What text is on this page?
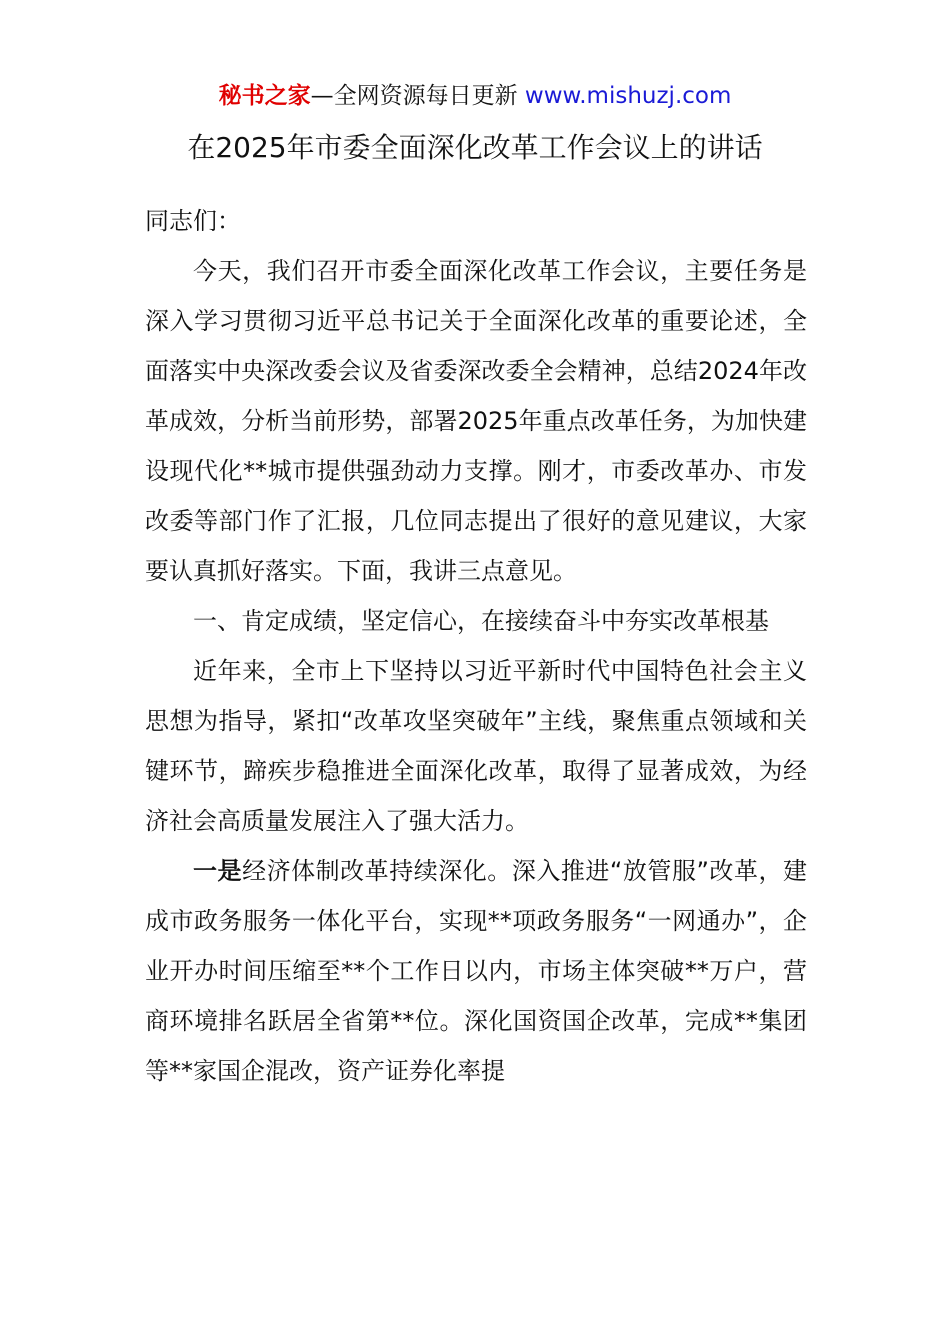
秘书之家—全网资源每日更新 www.mishuzj.com
在2025年市委全面深化改革工作会议上的讲话

同志们：

今天，我们召开市委全面深化改革工作会议，主要任务是深入学习贯彻习近平总书记关于全面深化改革的重要论述，全面落实中央深改委会议及省委深改委全会精神，总结2024年改革成效，分析当前形势，部署2025年重点改革任务，为加快建设现代化**城市提供强劲动力支撑。刚才，市委改革办、市发改委等部门作了汇报，几位同志提出了很好的意见建议，大家要认真抓好落实。下面，我讲三点意见。

一、肯定成绩，坚定信心，在接续奋斗中夯实改革根基

近年来，全市上下坚持以习近平新时代中国特色社会主义思想为指导，紧扣“改革攻坚突破年”主线，聚焦重点领域和关键环节，蹄疾步稳推进全面深化改革，取得了显著成效，为经济社会高质量发展注入了强大活力。

一是经济体制改革持续深化。深入推进“放管服”改革，建成市政务服务一体化平台，实现**项政务服务“一网通办”，企业开办时间压缩至**个工作日以内，市场主体突破**万户，营商环境排名跃居全省第**位。深化国资国企改革，完成**集团等**家国企混改，资产证券化率提
